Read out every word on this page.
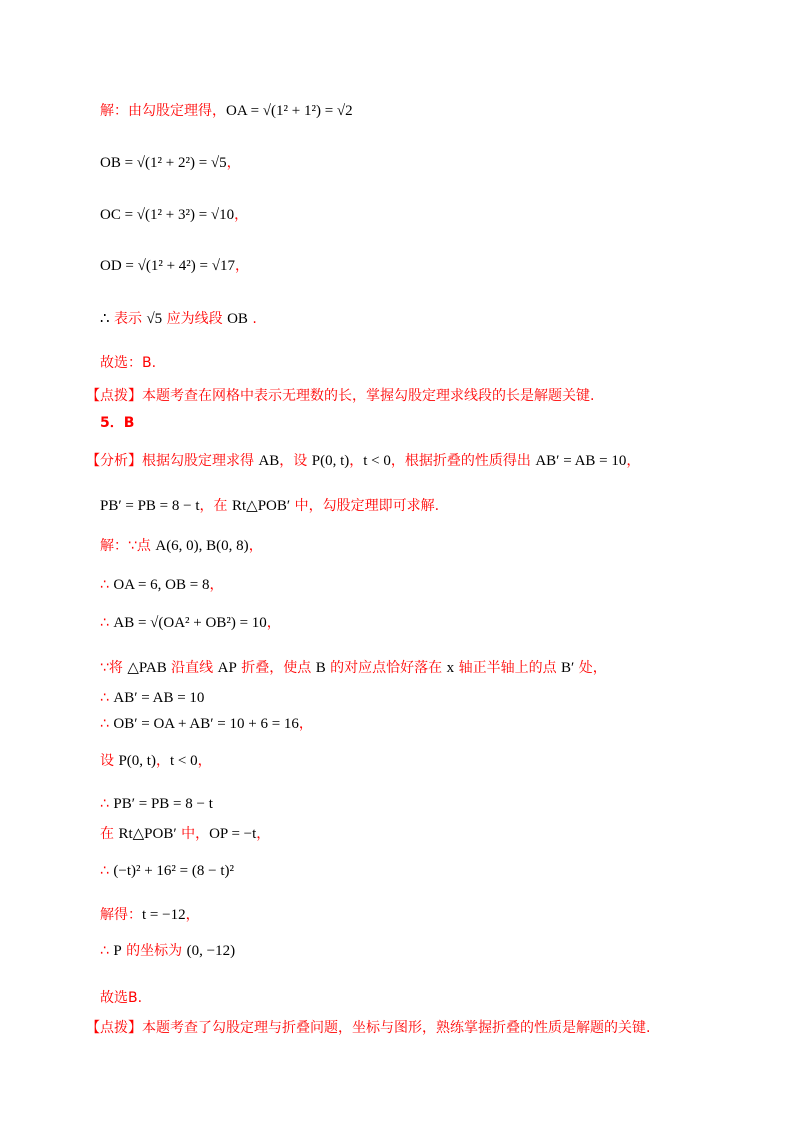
解：由勾股定理得，OA = √(1² + 1²) = √2
OB = √(1² + 2²) = √5，
OC = √(1² + 3²) = √10，
OD = √(1² + 4²) = √17，
∴ 表示 √5 应为线段 OB .
故选：B.
【点拨】本题考查在网格中表示无理数的长，掌握勾股定理求线段的长是解题关键.
5．B
【分析】根据勾股定理求得 AB，设 P(0, t)，t < 0，根据折叠的性质得出 AB′ = AB = 10，
PB′ = PB = 8 − t，在 Rt△POB′ 中，勾股定理即可求解.
解：∵点 A(6, 0), B(0, 8)，
∴ OA = 6, OB = 8，
∴ AB = √(OA² + OB²) = 10，
∵将 △PAB 沿直线 AP 折叠，使点 B 的对应点恰好落在 x 轴正半轴上的点 B′ 处，
∴ AB′ = AB = 10
∴ OB′ = OA + AB′ = 10 + 6 = 16，
设 P(0, t)，t < 0，
∴ PB′ = PB = 8 − t
在 Rt△POB′ 中，OP = −t，
∴ (−t)² + 16² = (8 − t)²
解得：t = −12，
∴ P 的坐标为 (0, −12)
故选B.
【点拨】本题考查了勾股定理与折叠问题，坐标与图形，熟练掌握折叠的性质是解题的关键.
